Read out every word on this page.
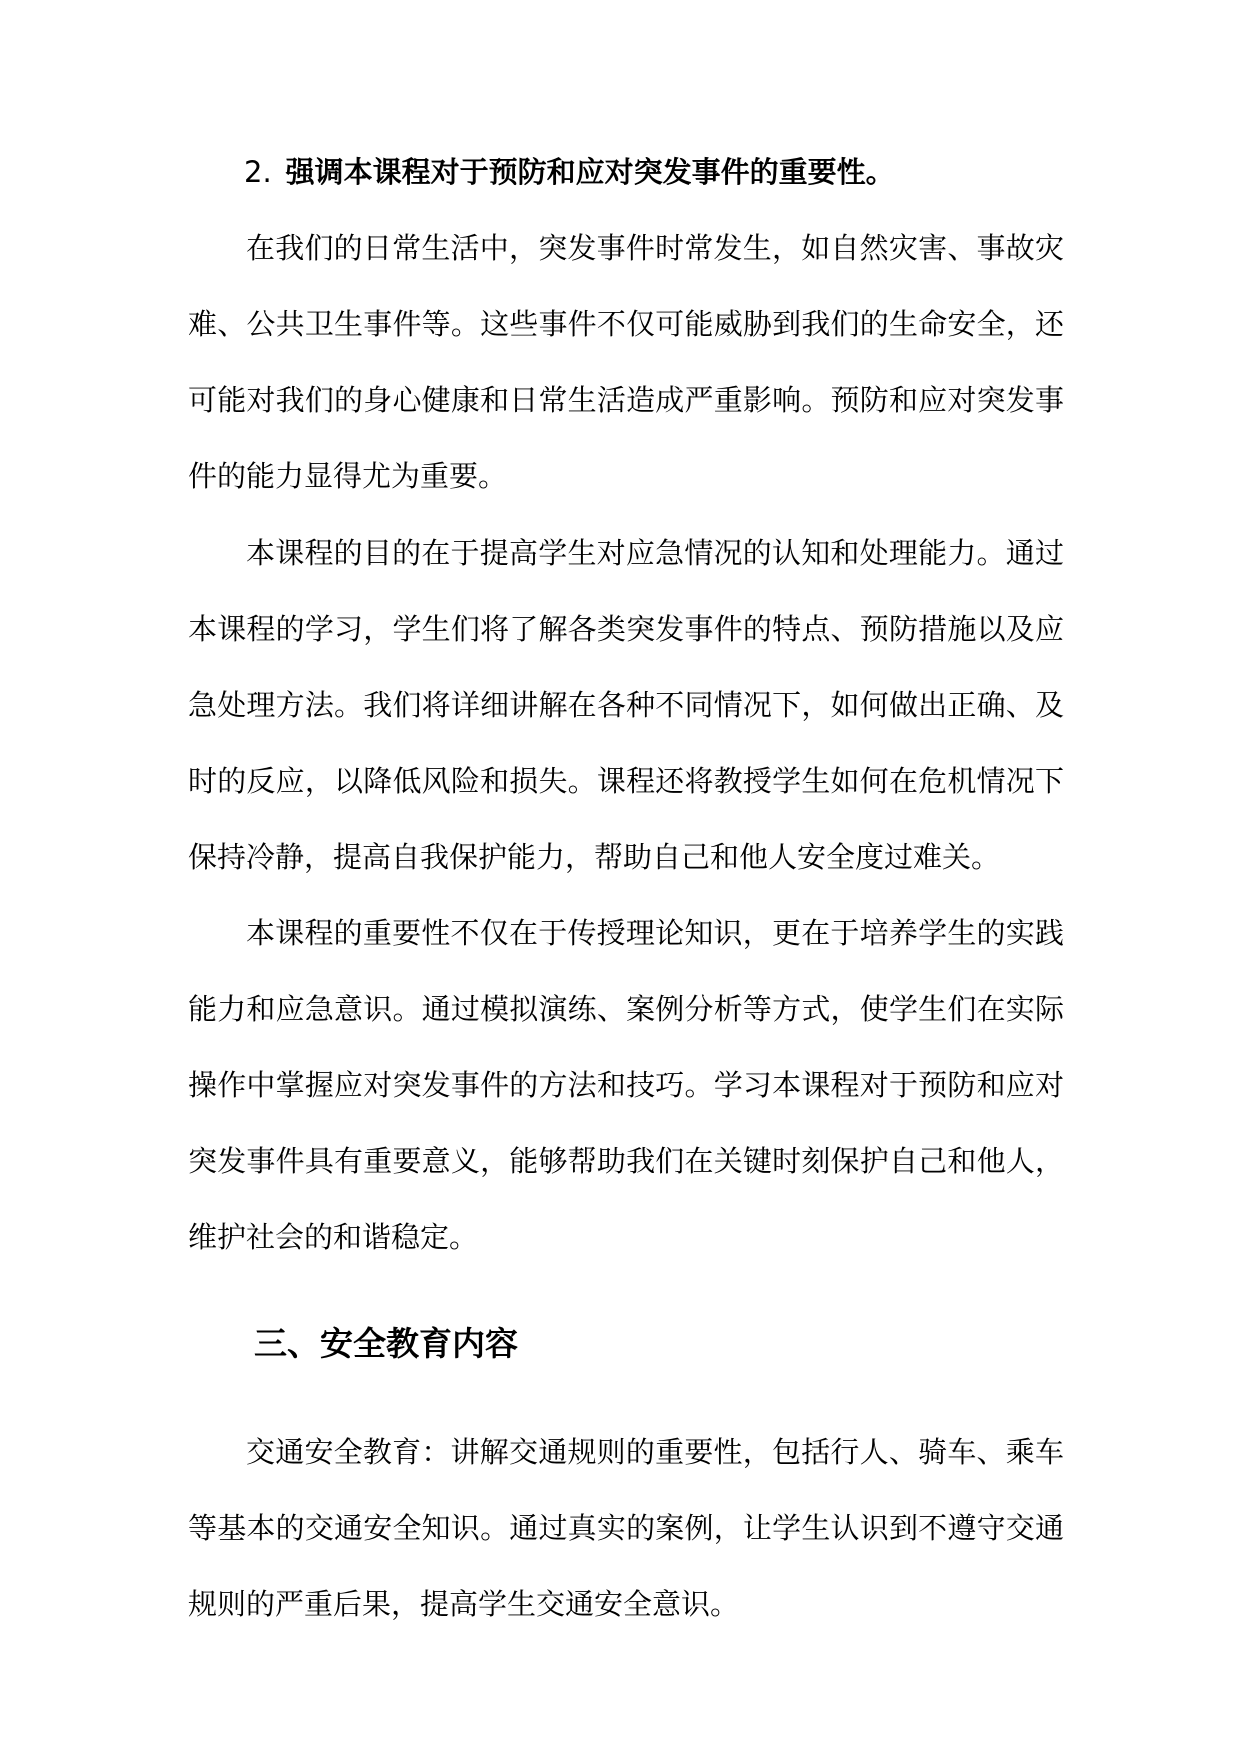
2. 强调本课程对于预防和应对突发事件的重要性。

在我们的日常生活中，突发事件时常发生，如自然灾害、事故灾难、公共卫生事件等。这些事件不仅可能威胁到我们的生命安全，还可能对我们的身心健康和日常生活造成严重影响。预防和应对突发事件的能力显得尤为重要。

本课程的目的在于提高学生对应急情况的认知和处理能力。通过本课程的学习，学生们将了解各类突发事件的特点、预防措施以及应急处理方法。我们将详细讲解在各种不同情况下，如何做出正确、及时的反应，以降低风险和损失。课程还将教授学生如何在危机情况下保持冷静，提高自我保护能力，帮助自己和他人安全度过难关。

本课程的重要性不仅在于传授理论知识，更在于培养学生的实践能力和应急意识。通过模拟演练、案例分析等方式，使学生们在实际操作中掌握应对突发事件的方法和技巧。学习本课程对于预防和应对突发事件具有重要意义，能够帮助我们在关键时刻保护自己和他人，维护社会的和谐稳定。

三、安全教育内容

交通安全教育：讲解交通规则的重要性，包括行人、骑车、乘车等基本的交通安全知识。通过真实的案例，让学生认识到不遵守交通规则的严重后果，提高学生交通安全意识。
